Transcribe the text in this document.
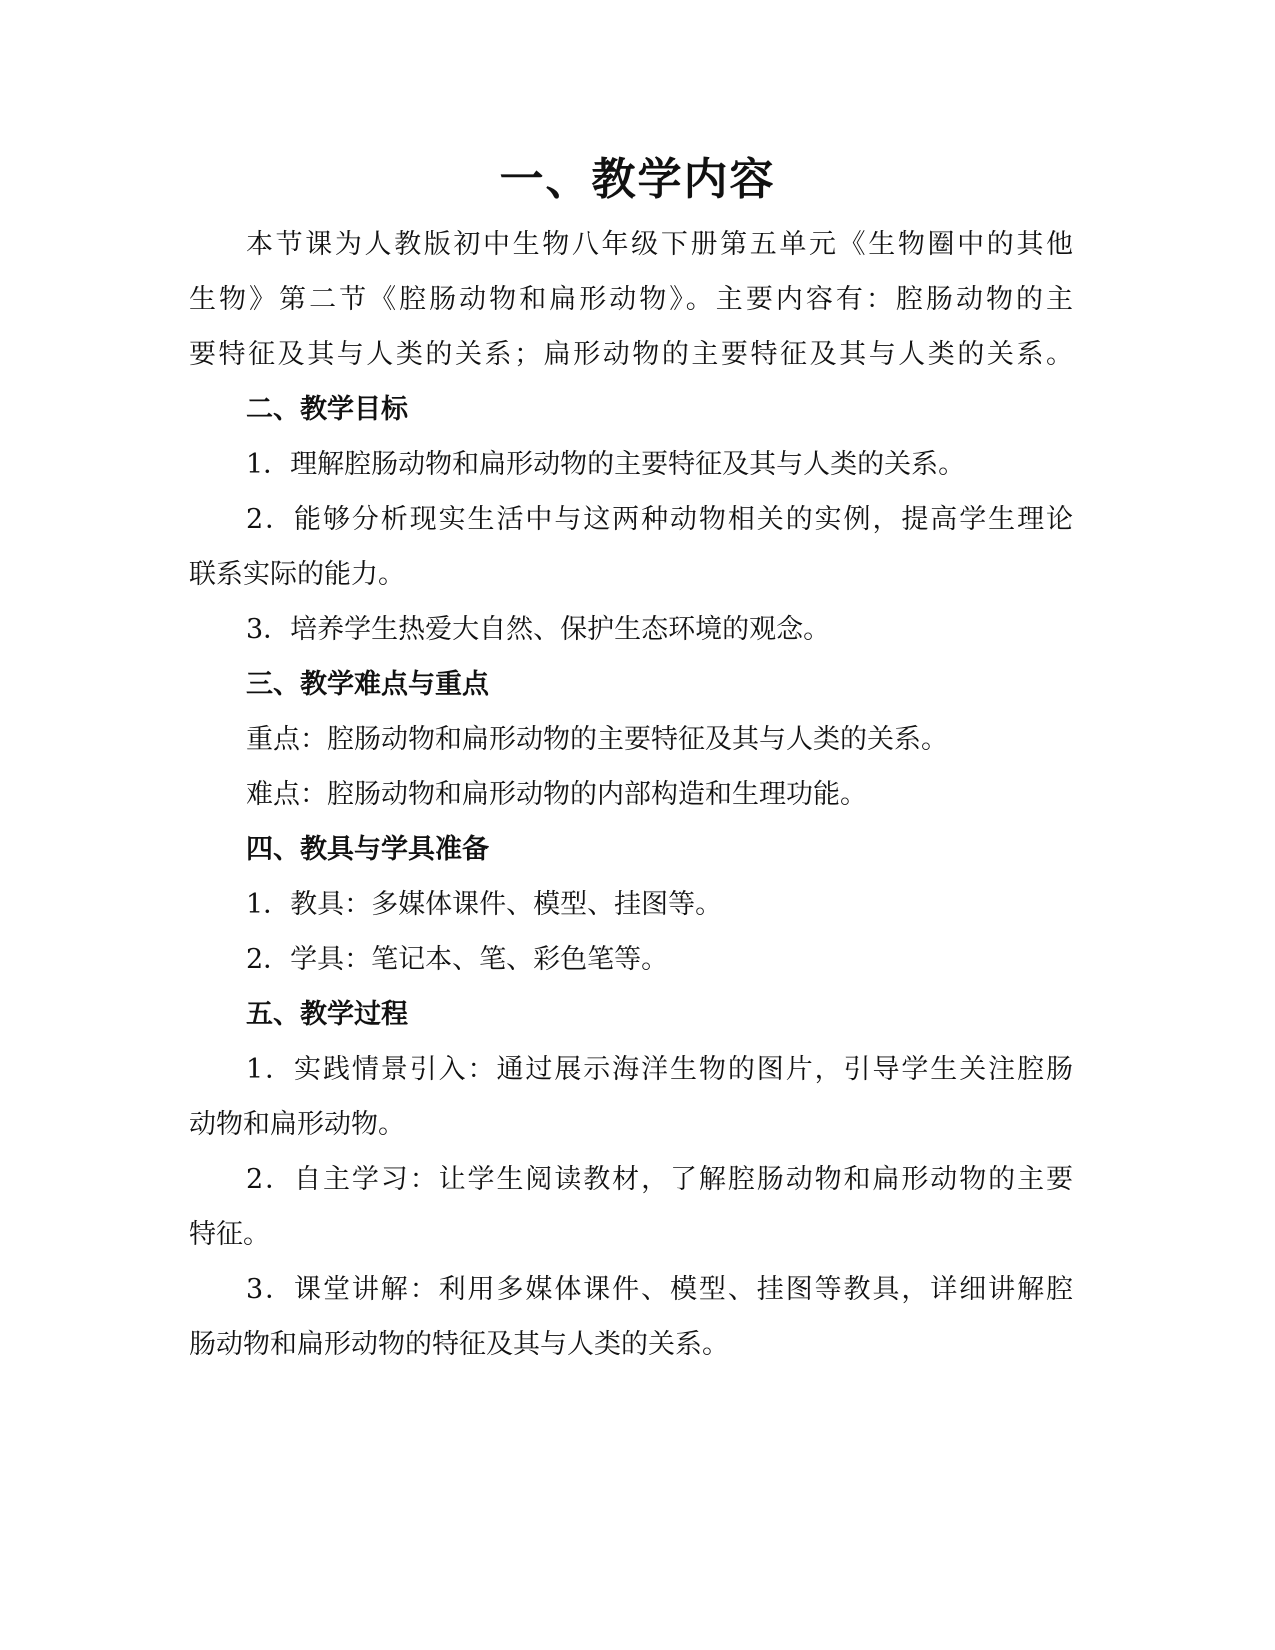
一、教学内容

本节课为人教版初中生物八年级下册第五单元《生物圈中的其他

生物》第二节《腔肠动物和扁形动物》。主要内容有：腔肠动物的主

要特征及其与人类的关系；扁形动物的主要特征及其与人类的关系。

二、教学目标

1．理解腔肠动物和扁形动物的主要特征及其与人类的关系。

2．能够分析现实生活中与这两种动物相关的实例，提高学生理论

联系实际的能力。

3．培养学生热爱大自然、保护生态环境的观念。

三、教学难点与重点

重点：腔肠动物和扁形动物的主要特征及其与人类的关系。

难点：腔肠动物和扁形动物的内部构造和生理功能。

四、教具与学具准备

1．教具：多媒体课件、模型、挂图等。

2．学具：笔记本、笔、彩色笔等。

五、教学过程

1．实践情景引入：通过展示海洋生物的图片，引导学生关注腔肠

动物和扁形动物。

2．自主学习：让学生阅读教材，了解腔肠动物和扁形动物的主要

特征。

3．课堂讲解：利用多媒体课件、模型、挂图等教具，详细讲解腔

肠动物和扁形动物的特征及其与人类的关系。
